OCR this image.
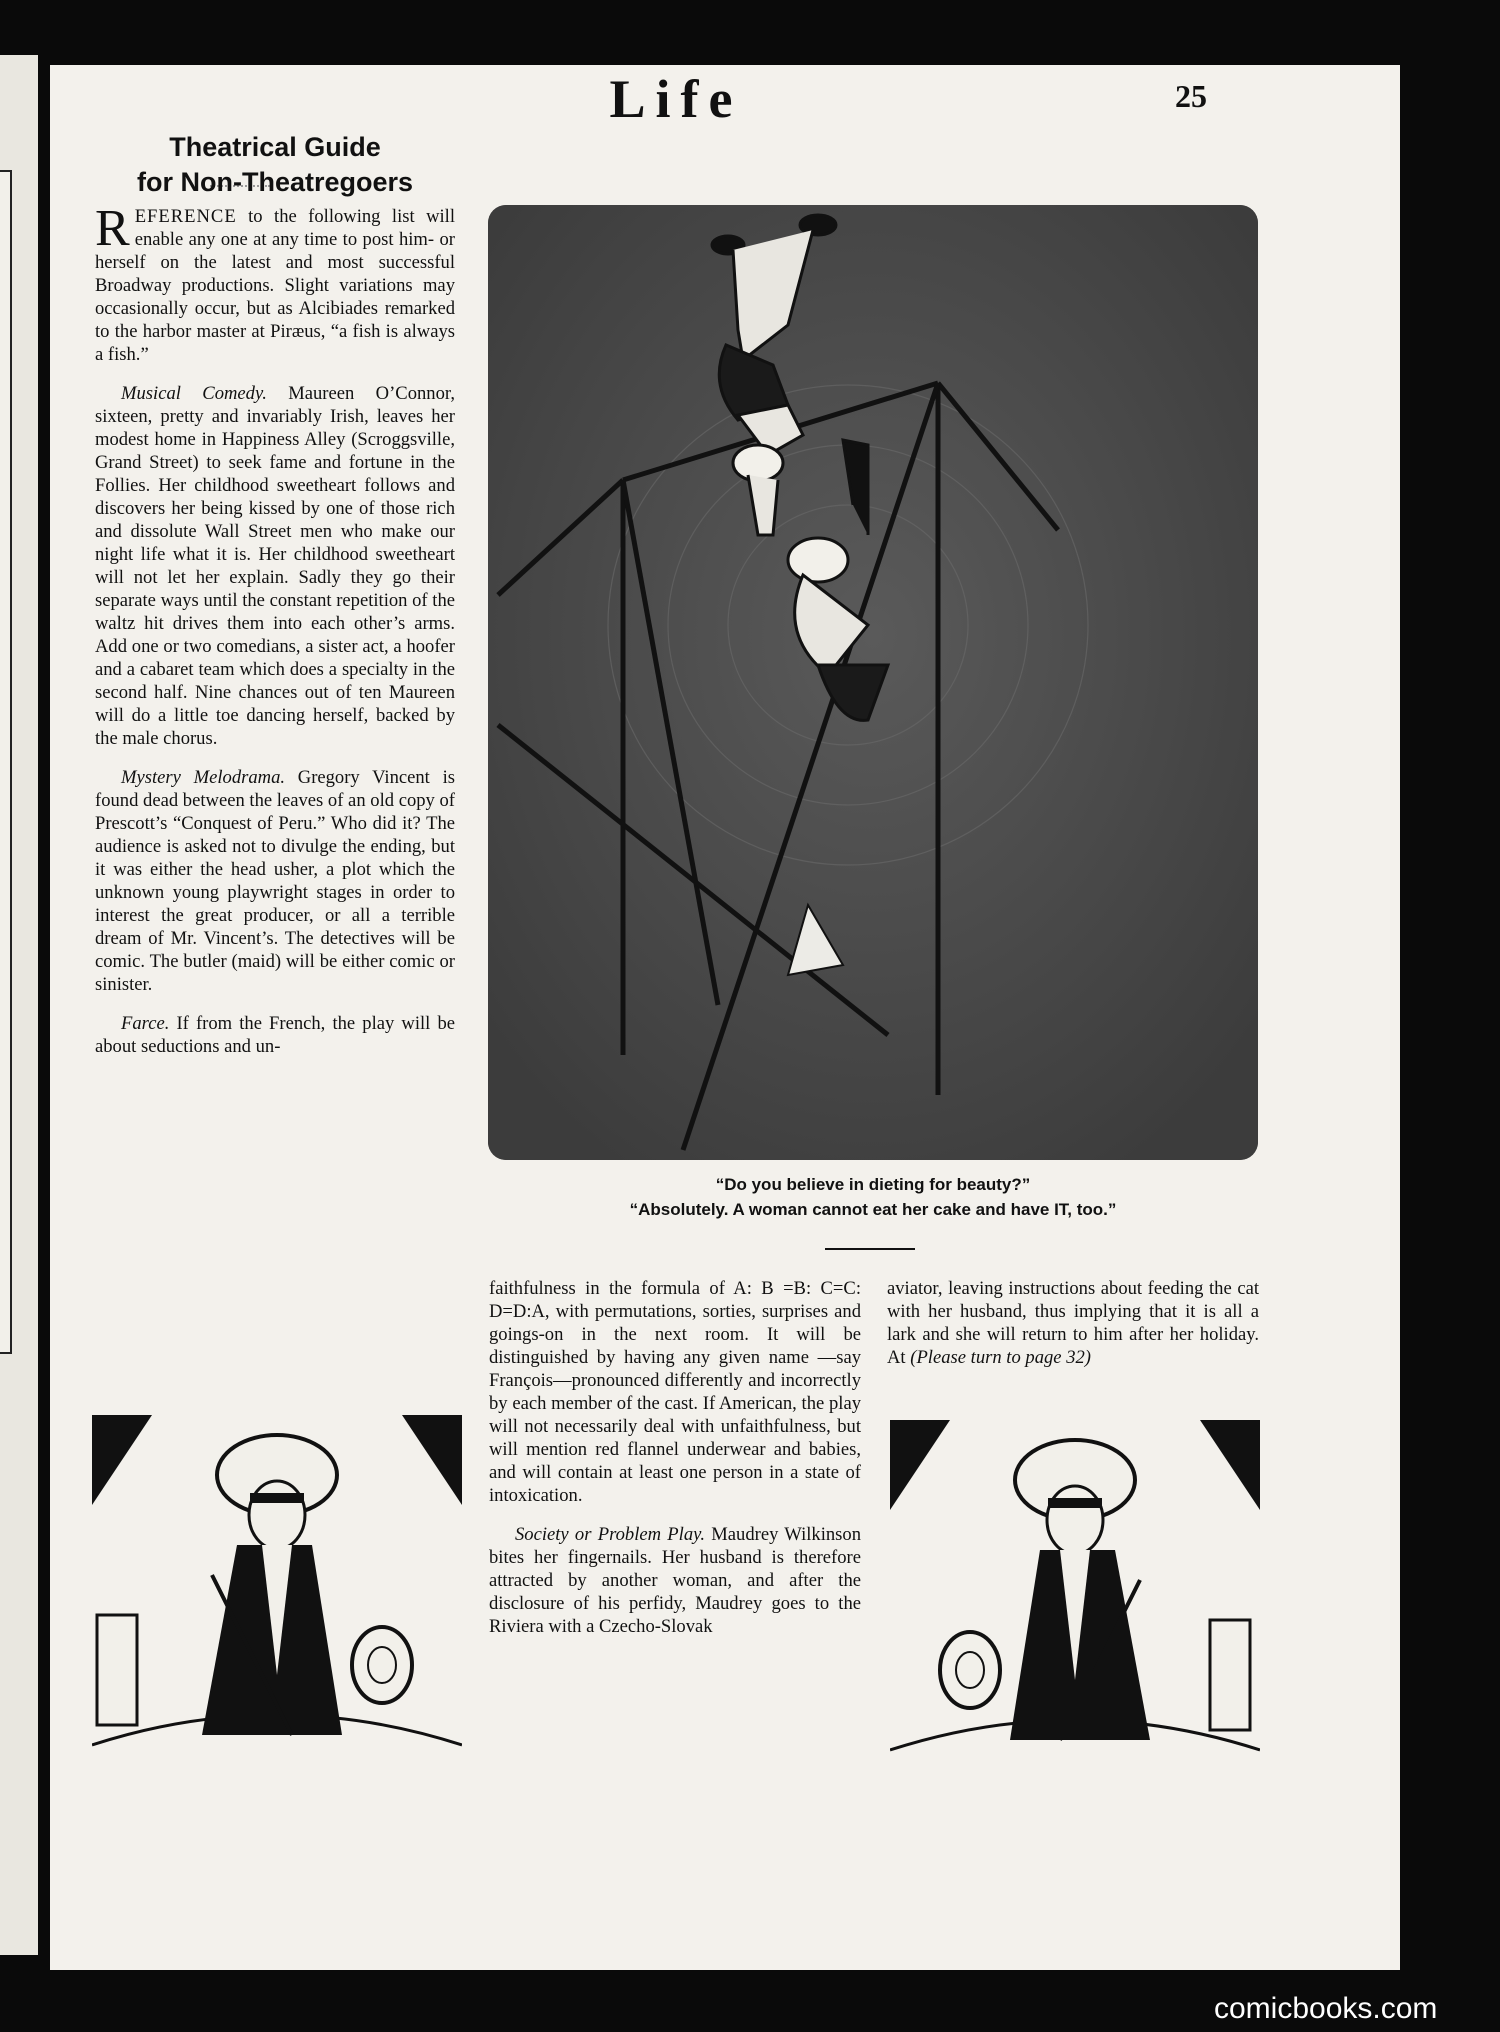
Life	25
Theatrical Guide
for Non-Theatregoers

REFERENCE to the following list will enable any one at any time to post him- or herself on the latest and most successful Broadway productions. Slight variations may occasionally occur, but as Alcibiades remarked to the harbor master at Piræus, “a fish is always a fish.”

Musical Comedy. Maureen O’Connor, sixteen, pretty and invariably Irish, leaves her modest home in Happiness Alley (Scroggsville, Grand Street) to seek fame and fortune in the Follies. Her childhood sweetheart follows and discovers her being kissed by one of those rich and dissolute Wall Street men who make our night life what it is. Her childhood sweetheart will not let her explain. Sadly they go their separate ways until the constant repetition of the waltz hit drives them into each other’s arms. Add one or two comedians, a sister act, a hoofer and a cabaret team which does a specialty in the second half. Nine chances out of ten Maureen will do a little toe dancing herself, backed by the male chorus.

Mystery Melodrama. Gregory Vincent is found dead between the leaves of an old copy of Prescott’s “Conquest of Peru.” Who did it? The audience is asked not to divulge the ending, but it was either the head usher, a plot which the unknown young playwright stages in order to interest the great producer, or all a terrible dream of Mr. Vincent’s. The detectives will be comic. The butler (maid) will be either comic or sinister.

Farce. If from the French, the play will be about seductions and un-

“Do you believe in dieting for beauty?”
“Absolutely. A woman cannot eat her cake and have IT, too.”

faithfulness in the formula of A: B =B: C=C: D=D:A, with permutations, sorties, surprises and goings-on in the next room. It will be distinguished by having any given name —say François—pronounced differently and incorrectly by each member of the cast. If American, the play will not necessarily deal with unfaithfulness, but will mention red flannel underwear and babies, and will contain at least one person in a state of intoxication.

Society or Problem Play. Maudrey Wilkinson bites her fingernails. Her husband is therefore attracted by another woman, and after the disclosure of his perfidy, Maudrey goes to the Riviera with a Czecho-Slovak

aviator, leaving instructions about feeding the cat with her husband, thus implying that it is all a lark and she will return to him after her holiday. At (Please turn to page 32)

comicbooks.com
